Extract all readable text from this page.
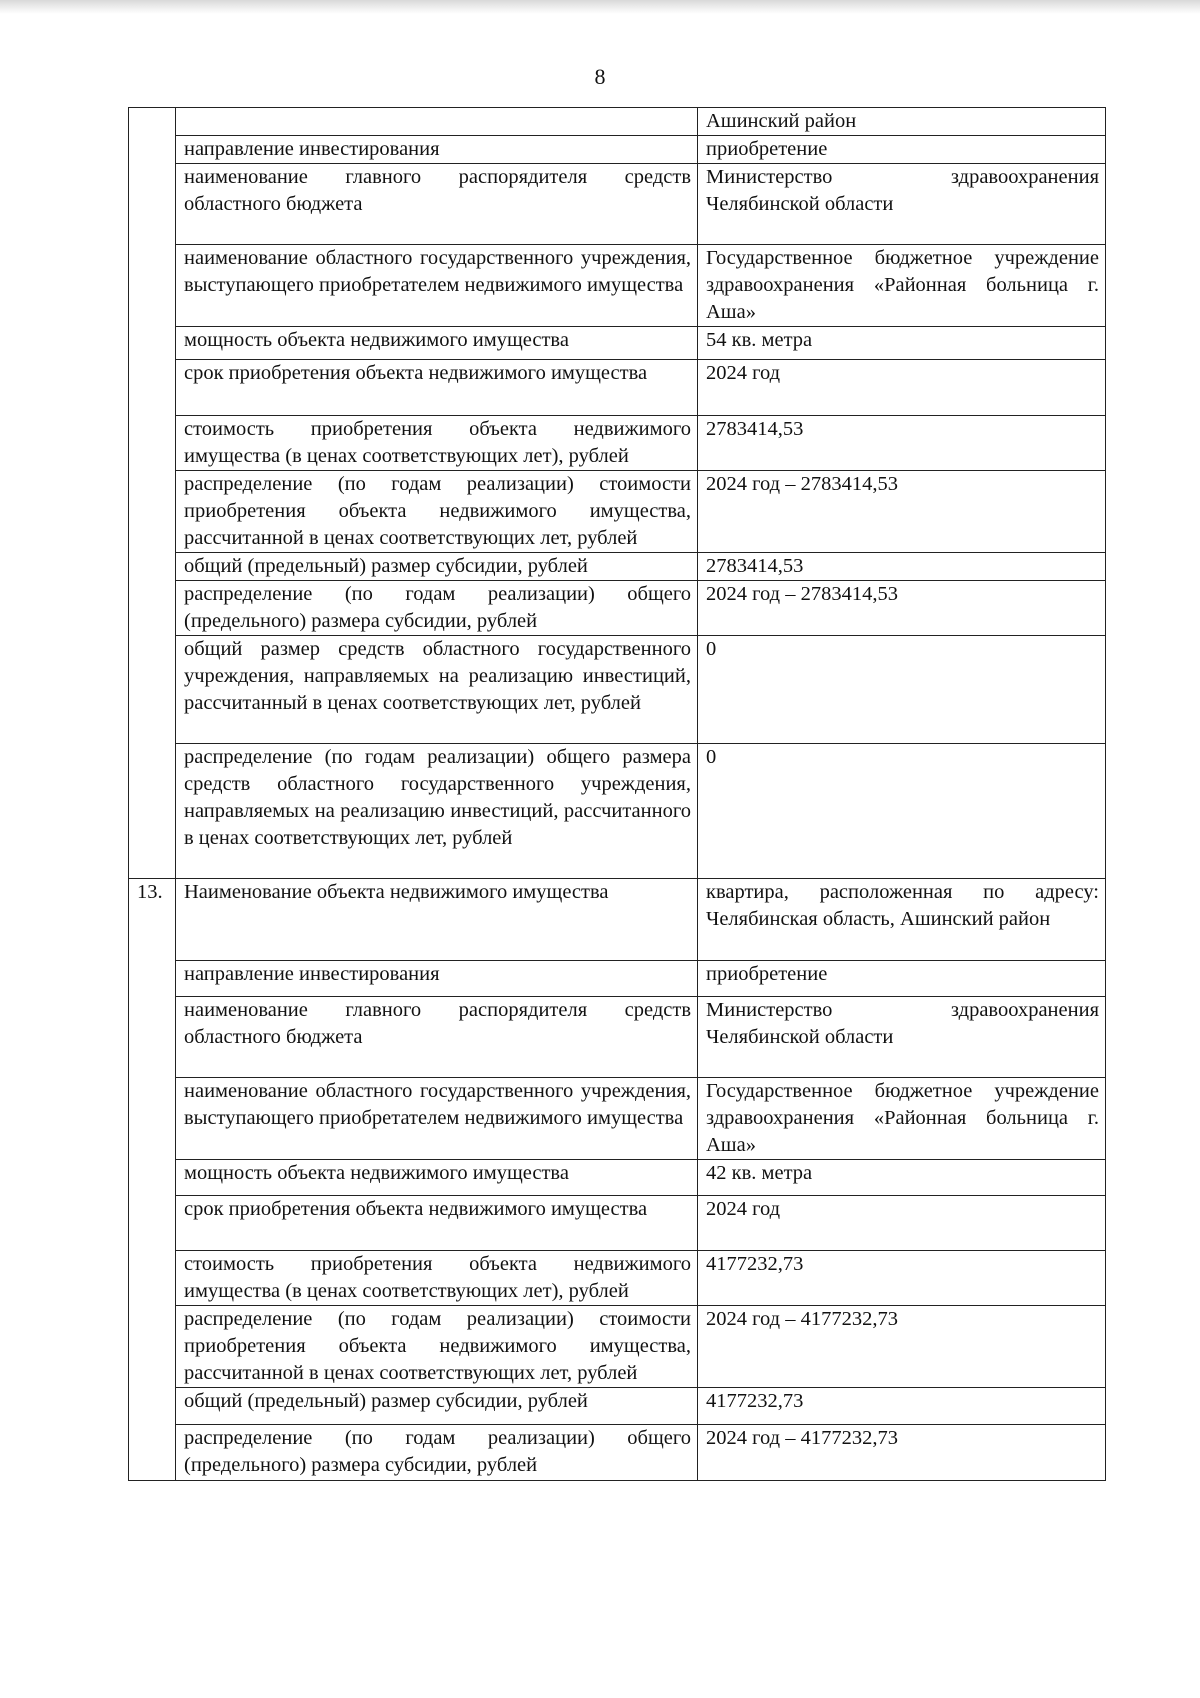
8
		Ашинский район
	направление инвестирования	приобретение
	наименование главного распорядителя средств областного бюджета	Министерство здравоохранения Челябинской области
	наименование областного государственного учреждения, выступающего приобретателем недвижимого имущества	Государственное бюджетное учреждение здравоохранения «Районная больница г. Аша»
	мощность объекта недвижимого имущества	54 кв. метра
	срок приобретения объекта недвижимого имущества	2024 год
	стоимость приобретения объекта недвижимого имущества (в ценах соответствующих лет), рублей	2783414,53
	распределение (по годам реализации) стоимости приобретения объекта недвижимого имущества, рассчитанной в ценах соответствующих лет, рублей	2024 год – 2783414,53
	общий (предельный) размер субсидии, рублей	2783414,53
	распределение (по годам реализации) общего (предельного) размера субсидии, рублей	2024 год – 2783414,53
	общий размер средств областного государственного учреждения, направляемых на реализацию инвестиций, рассчитанный в ценах соответствующих лет, рублей	0
	распределение (по годам реализации) общего размера средств областного государственного учреждения, направляемых на реализацию инвестиций, рассчитанного в ценах соответствующих лет, рублей	0
13.	Наименование объекта недвижимого имущества	квартира, расположенная по адресу: Челябинская область, Ашинский район
	направление инвестирования	приобретение
	наименование главного распорядителя средств областного бюджета	Министерство здравоохранения Челябинской области
	наименование областного государственного учреждения, выступающего приобретателем недвижимого имущества	Государственное бюджетное учреждение здравоохранения «Районная больница г. Аша»
	мощность объекта недвижимого имущества	42 кв. метра
	срок приобретения объекта недвижимого имущества	2024 год
	стоимость приобретения объекта недвижимого имущества (в ценах соответствующих лет), рублей	4177232,73
	распределение (по годам реализации) стоимости приобретения объекта недвижимого имущества, рассчитанной в ценах соответствующих лет, рублей	2024 год – 4177232,73
	общий (предельный) размер субсидии, рублей	4177232,73
	распределение (по годам реализации) общего (предельного) размера субсидии, рублей	2024 год – 4177232,73
